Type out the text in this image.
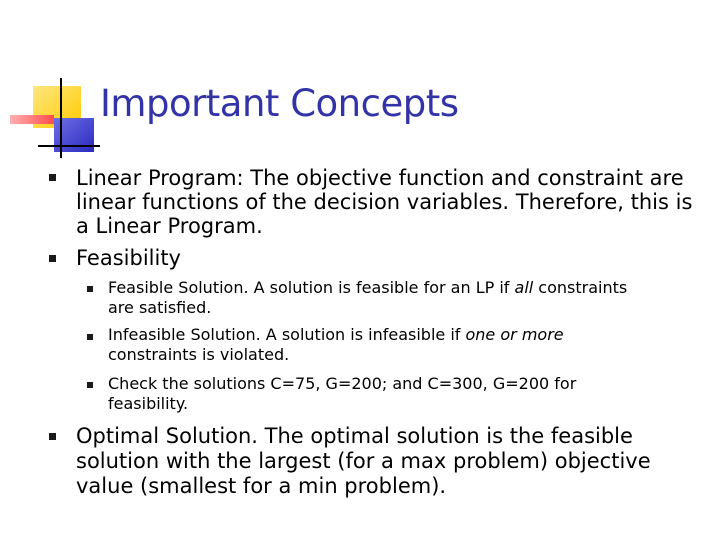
Important Concepts
Linear Program: The objective function and constraint are
linear functions of the decision variables. Therefore, this is
a Linear Program.
Feasibility
Feasible Solution. A solution is feasible for an LP if all constraints
are satisfied.
Infeasible Solution. A solution is infeasible if one or more
constraints is violated.
Check the solutions C=75, G=200; and C=300, G=200 for
feasibility.
Optimal Solution. The optimal solution is the feasible
solution with the largest (for a max problem) objective
value (smallest for a min problem).
